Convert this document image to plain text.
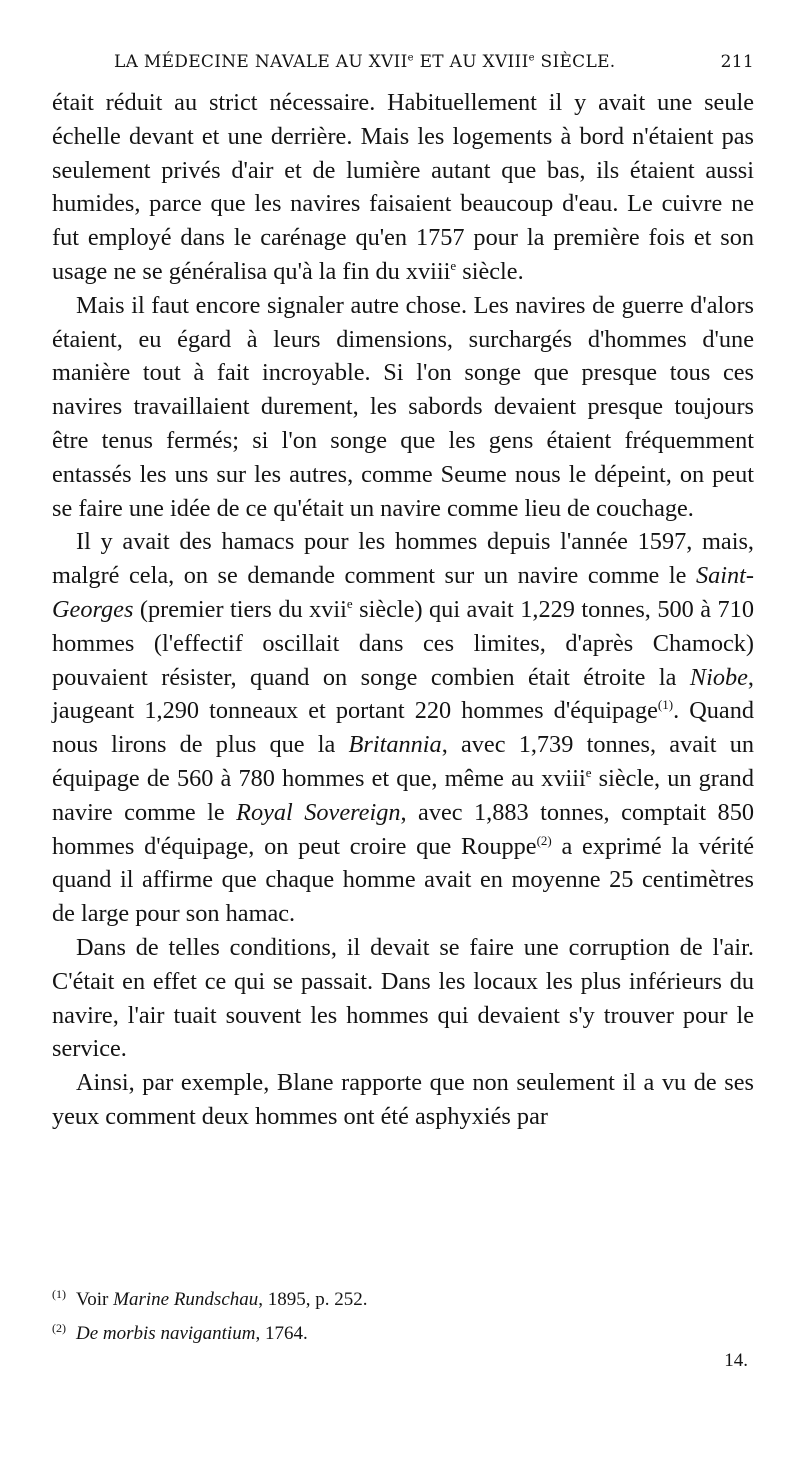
LA MÉDECINE NAVALE AU XVIIe ET AU XVIIIe SIÈCLE.	211

était réduit au strict nécessaire. Habituellement il y avait une seule échelle devant et une derrière. Mais les logements à bord n'étaient pas seulement privés d'air et de lumière autant que bas, ils étaient aussi humides, parce que les navires faisaient beaucoup d'eau. Le cuivre ne fut employé dans le carénage qu'en 1757 pour la première fois et son usage ne se généralisa qu'à la fin du xviii$^e$ siècle.

Mais il faut encore signaler autre chose. Les navires de guerre d'alors étaient, eu égard à leurs dimensions, surchargés d'hommes d'une manière tout à fait incroyable. Si l'on songe que presque tous ces navires travaillaient durement, les sabords devaient presque toujours être tenus fermés; si l'on songe que les gens étaient fréquemment entassés les uns sur les autres, comme Seume nous le dépeint, on peut se faire une idée de ce qu'était un navire comme lieu de couchage.

Il y avait des hamacs pour les hommes depuis l'année 1597, mais, malgré cela, on se demande comment sur un navire comme le Saint-Georges (premier tiers du xvii$^e$ siècle) qui avait 1,229 tonnes, 500 à 710 hommes (l'effectif oscillait dans ces limites, d'après Chamock) pouvaient résister, quand on songe combien était étroite la Niobe, jaugeant 1,290 tonneaux et portant 220 hommes d'équipage$^{(1)}$. Quand nous lirons de plus que la Britannia, avec 1,739 tonnes, avait un équipage de 560 à 780 hommes et que, même au xviii$^e$ siècle, un grand navire comme le Royal Sovereign, avec 1,883 tonnes, comptait 850 hommes d'équipage, on peut croire que Rouppe$^{(2)}$ a exprimé la vérité quand il affirme que chaque homme avait en moyenne 25 centimètres de large pour son hamac.

Dans de telles conditions, il devait se faire une corruption de l'air. C'était en effet ce qui se passait. Dans les locaux les plus inférieurs du navire, l'air tuait souvent les hommes qui devaient s'y trouver pour le service.

Ainsi, par exemple, Blane rapporte que non seulement il a vu de ses yeux comment deux hommes ont été asphyxiés par

$^{(1)}$ Voir Marine Rundschau, 1895, p. 252.

$^{(2)}$ De morbis navigantium, 1764.

14.
